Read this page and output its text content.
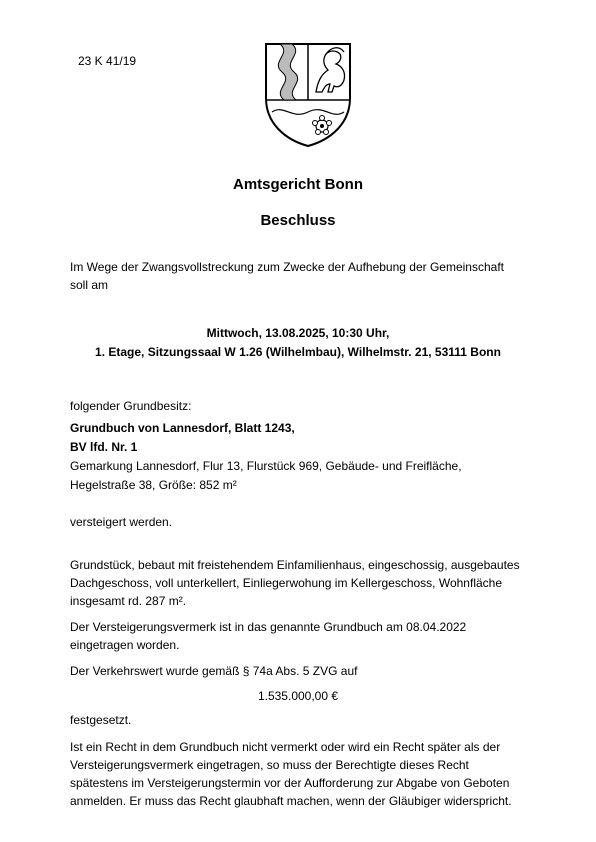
23 K 41/19
Amtsgericht Bonn
Beschluss
Im Wege der Zwangsvollstreckung zum Zwecke der Aufhebung der Gemeinschaft
soll am
Mittwoch, 13.08.2025, 10:30 Uhr,
1. Etage, Sitzungssaal W 1.26 (Wilhelmbau), Wilhelmstr. 21, 53111 Bonn
folgender Grundbesitz:
Grundbuch von Lannesdorf, Blatt 1243,
BV lfd. Nr. 1
Gemarkung Lannesdorf, Flur 13, Flurstück 969, Gebäude- und Freifläche,
Hegelstraße 38, Größe: 852 m²
versteigert werden.
Grundstück, bebaut mit freistehendem Einfamilienhaus, eingeschossig, ausgebautes
Dachgeschoss, voll unterkellert, Einliegerwohung im Kellergeschoss, Wohnfläche
insgesamt rd. 287 m².
Der Versteigerungsvermerk ist in das genannte Grundbuch am 08.04.2022
eingetragen worden.
Der Verkehrswert wurde gemäß § 74a Abs. 5 ZVG auf
1.535.000,00 €
festgesetzt.
Ist ein Recht in dem Grundbuch nicht vermerkt oder wird ein Recht später als der
Versteigerungsvermerk eingetragen, so muss der Berechtigte dieses Recht
spätestens im Versteigerungstermin vor der Aufforderung zur Abgabe von Geboten
anmelden. Er muss das Recht glaubhaft machen, wenn der Gläubiger widerspricht.
